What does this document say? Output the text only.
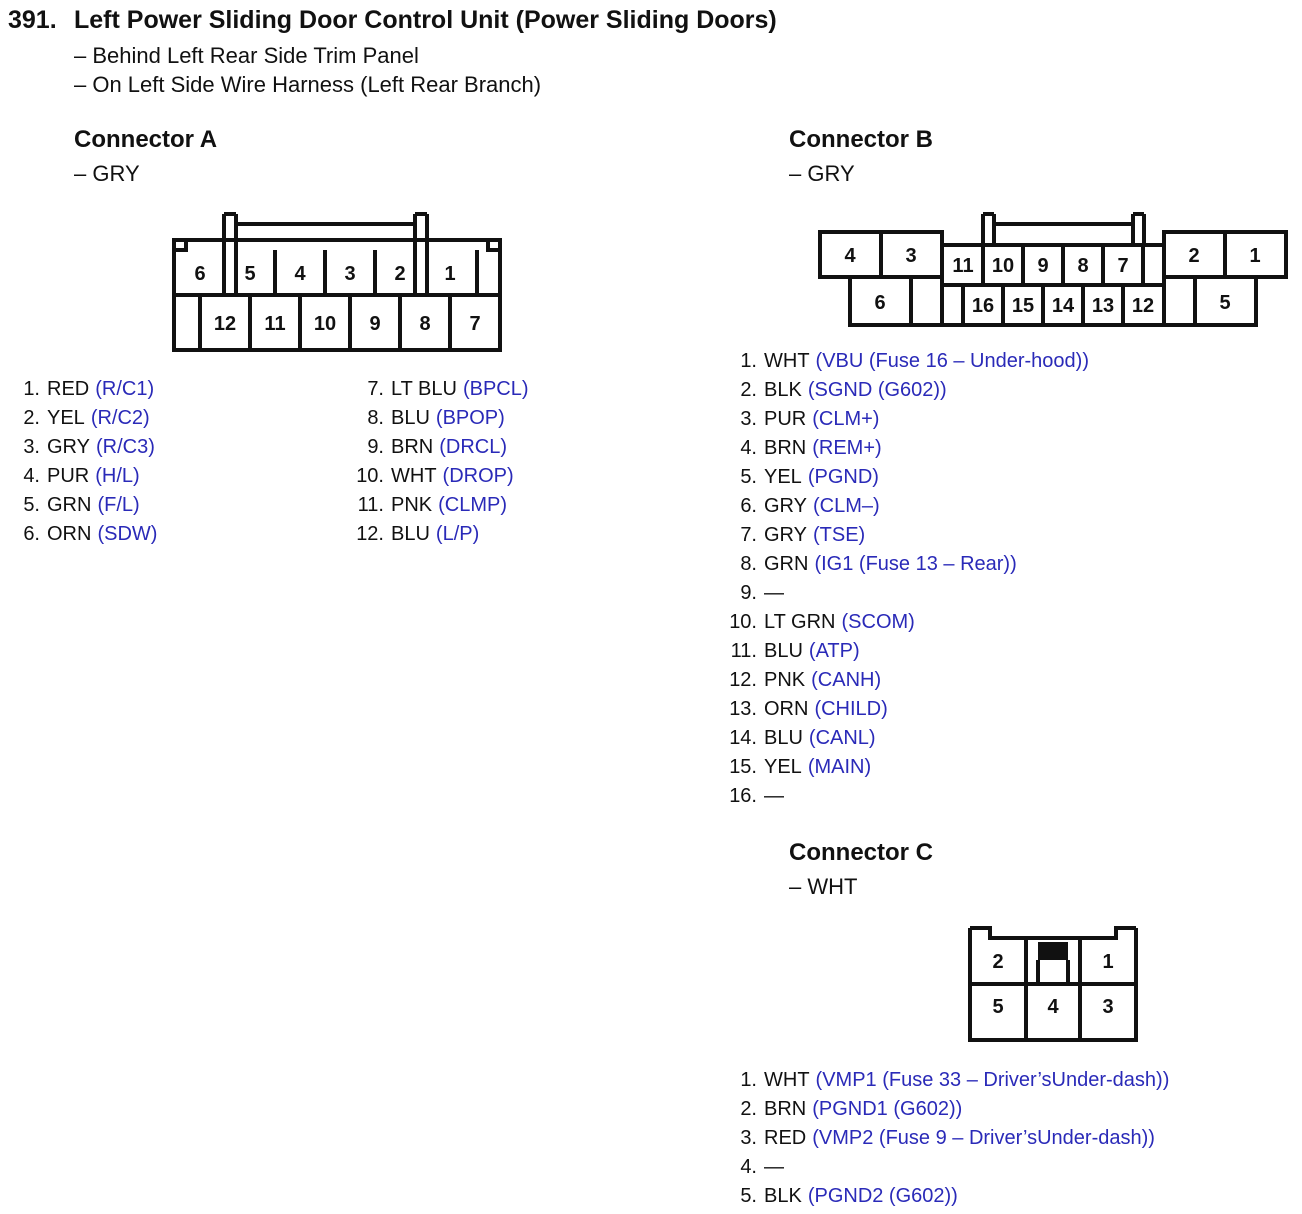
391. Left Power Sliding Door Control Unit (Power Sliding Doors)
– Behind Left Rear Side Trim Panel
– On Left Side Wire Harness (Left Rear Branch)
Connector A
– GRY
6 5 4 3 2 1
12 11 10 9 8 7
1. RED (R/C1)
2. YEL (R/C2)
3. GRY (R/C3)
4. PUR (H/L)
5. GRN (F/L)
6. ORN (SDW)
7. LT BLU (BPCL)
8. BLU (BPOP)
9. BRN (DRCL)
10. WHT (DROP)
11. PNK (CLMP)
12. BLU (L/P)
Connector B
– GRY
4 3
6
11 10 9 8 7
16 15 14 13 12
2 1
5
1. WHT (VBU (Fuse 16 – Under-hood))
2. BLK (SGND (G602))
3. PUR (CLM+)
4. BRN (REM+)
5. YEL (PGND)
6. GRY (CLM–)
7. GRY (TSE)
8. GRN (IG1 (Fuse 13 – Rear))
9. —
10. LT GRN (SCOM)
11. BLU (ATP)
12. PNK (CANH)
13. ORN (CHILD)
14. BLU (CANL)
15. YEL (MAIN)
16. —
Connector C
– WHT
2	1
5 4 3
1. WHT (VMP1 (Fuse 33 – Driver’sUnder-dash))
2. BRN (PGND1 (G602))
3. RED (VMP2 (Fuse 9 – Driver’sUnder-dash))
4. —
5. BLK (PGND2 (G602))
